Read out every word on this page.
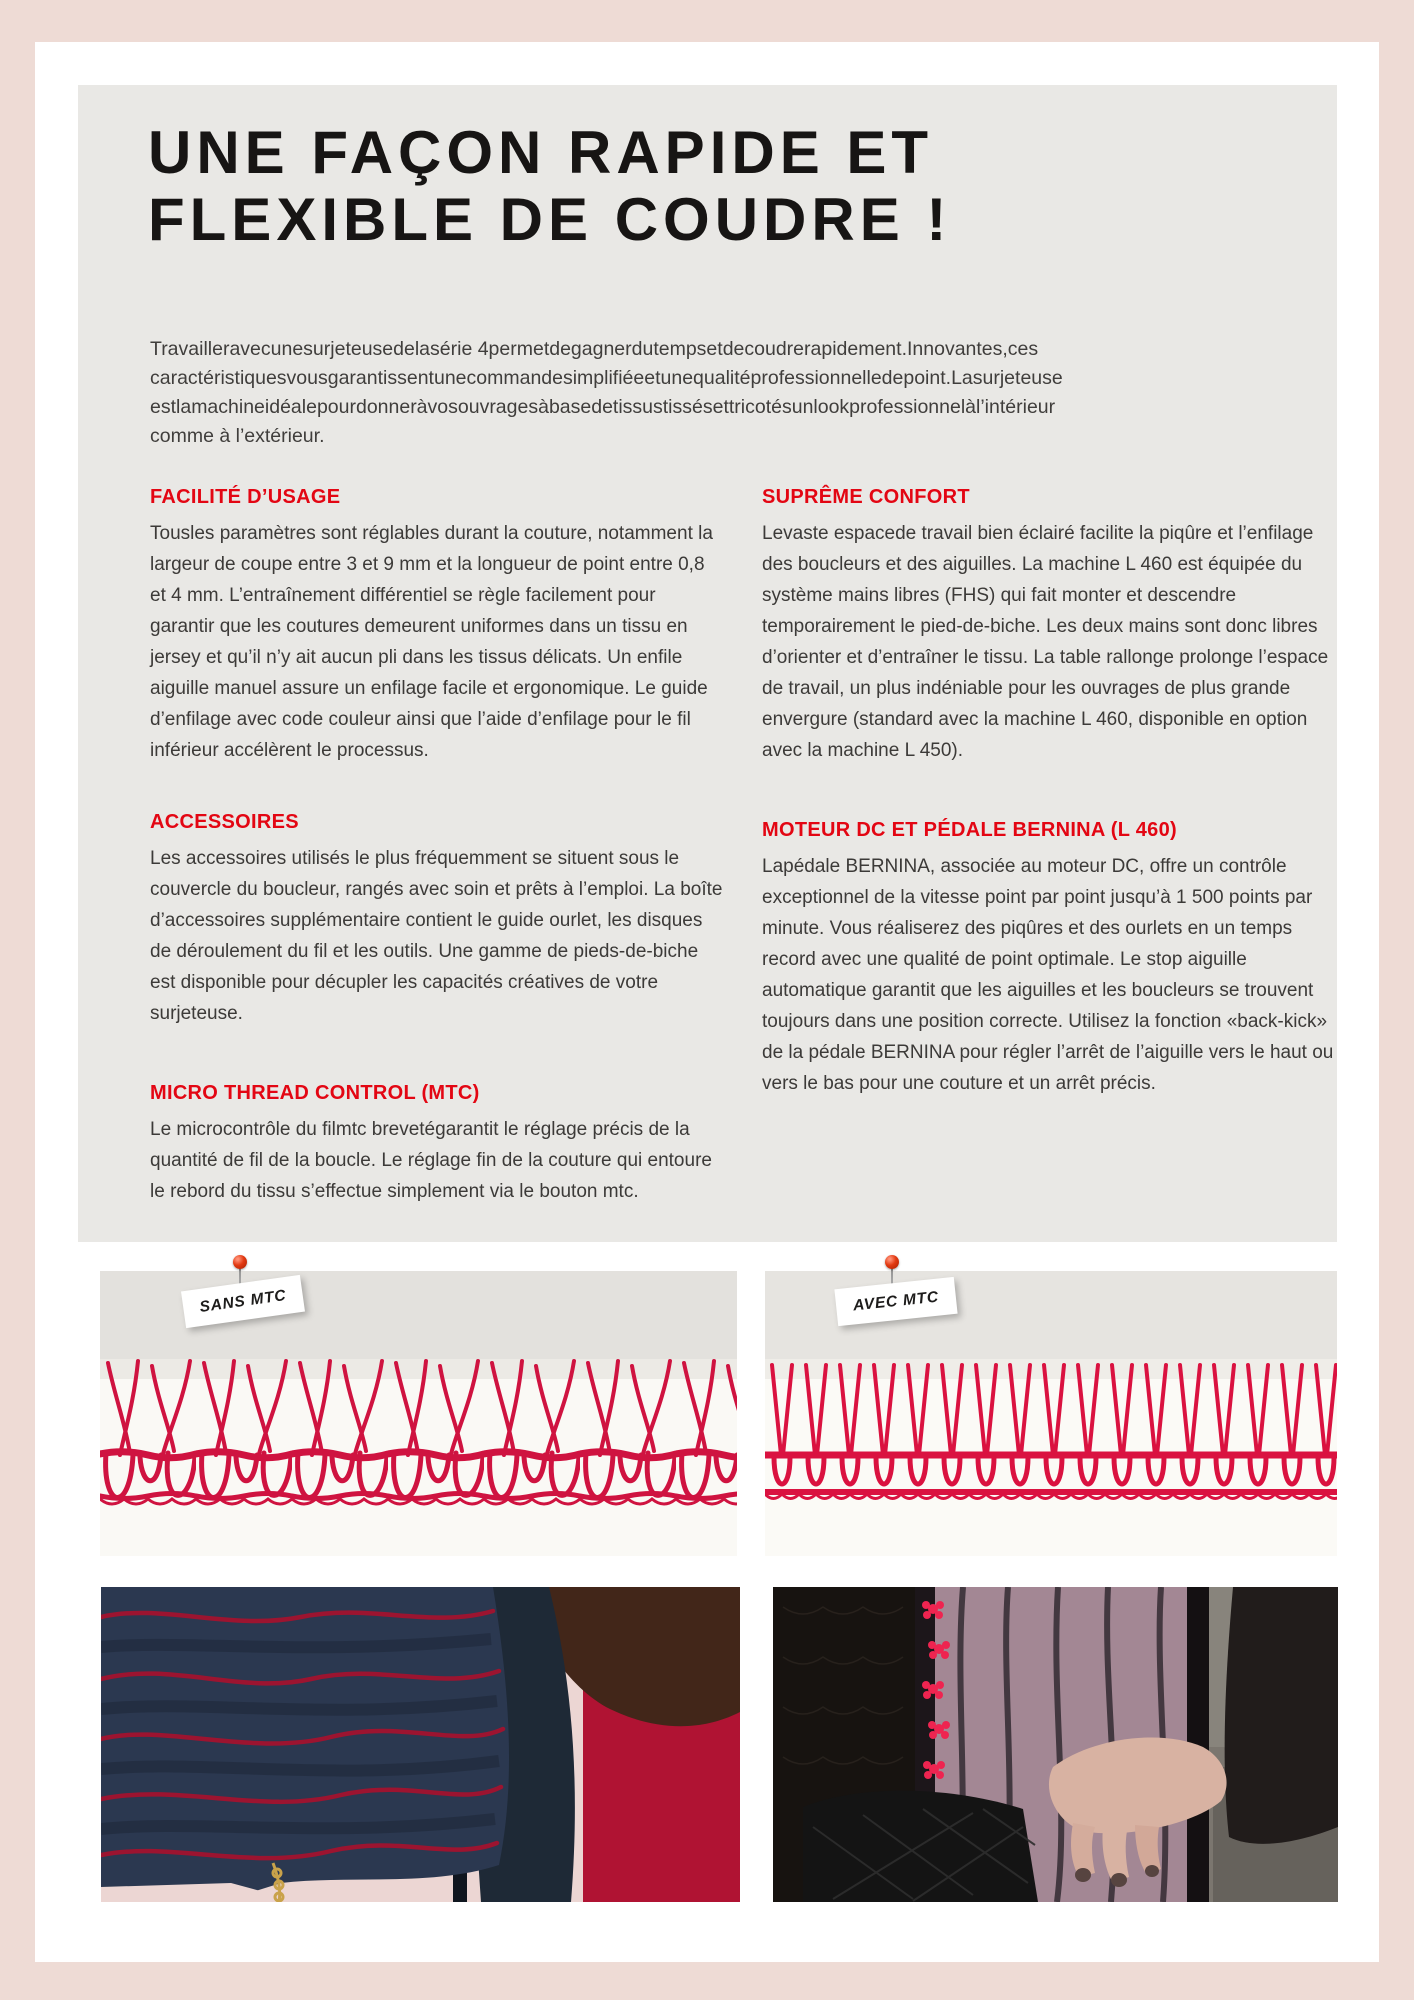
UNE FAÇON RAPIDE ET
FLEXIBLE DE COUDRE !

Travailleravecunesurjeteusedelasérie 4permetdegagnerdutempsetdecoudrerapidement.Innovantes,ces caractéristiquesvousgarantissentunecommandesimplifiéeetunequalitéprofessionnelledepoint.Lasurjeteuse estlamachineidéalepourdonneràvosouvragesàbasedetissustissésettricotésunlookprofessionnelàl’intérieur comme à l’extérieur.

FACILITÉ D’USAGE

Tousles paramètres sont réglables durant la couture, notamment la largeur de coupe entre 3 et 9 mm et la longueur de point entre 0,8 et 4 mm. L’entraînement différentiel se règle facilement pour garantir que les coutures demeurent uniformes dans un tissu en jersey et qu’il n’y ait aucun pli dans les tissus délicats. Un enfile aiguille manuel assure un enfilage facile et ergonomique. Le guide d’enfilage avec code couleur ainsi que l’aide d’enfilage pour le fil inférieur accélèrent le processus.

ACCESSOIRES

Les accessoires utilisés le plus fréquemment se situent sous le couvercle du boucleur, rangés avec soin et prêts à l’emploi. La boîte d’accessoires supplémentaire contient le guide ourlet, les disques de déroulement du fil et les outils. Une gamme de pieds-de-biche est disponible pour décupler les capacités créatives de votre surjeteuse.

MICRO THREAD CONTROL (MTC)

Le microcontrôle du filmtc brevetégarantit le réglage précis de la quantité de fil de la boucle. Le réglage fin de la couture qui entoure le rebord du tissu s’effectue simplement via le bouton mtc.

SUPRÊME CONFORT

Levaste espacede travail bien éclairé facilite la piqûre et l’enfilage des boucleurs et des aiguilles. La machine L 460 est équipée du système mains libres (FHS) qui fait monter et descendre temporairement le pied-de-biche. Les deux mains sont donc libres d’orienter et d’entraîner le tissu. La table rallonge prolonge l’espace de travail, un plus indéniable pour les ouvrages de plus grande envergure (standard avec la machine L 460, disponible en option avec la machine L 450).

MOTEUR DC ET PÉDALE BERNINA (L 460)

Lapédale BERNINA, associée au moteur DC, offre un contrôle exceptionnel de la vitesse point par point jusqu’à 1 500 points par minute. Vous réaliserez des piqûres et des ourlets en un temps record avec une qualité de point optimale. Le stop aiguille automatique garantit que les aiguilles et les boucleurs se trouvent toujours dans une position correcte. Utilisez la fonction «back-kick» de la pédale BERNINA pour régler l’arrêt de l’aiguille vers le haut ou vers le bas pour une couture et un arrêt précis.

SANS MTC	AVEC MTC
